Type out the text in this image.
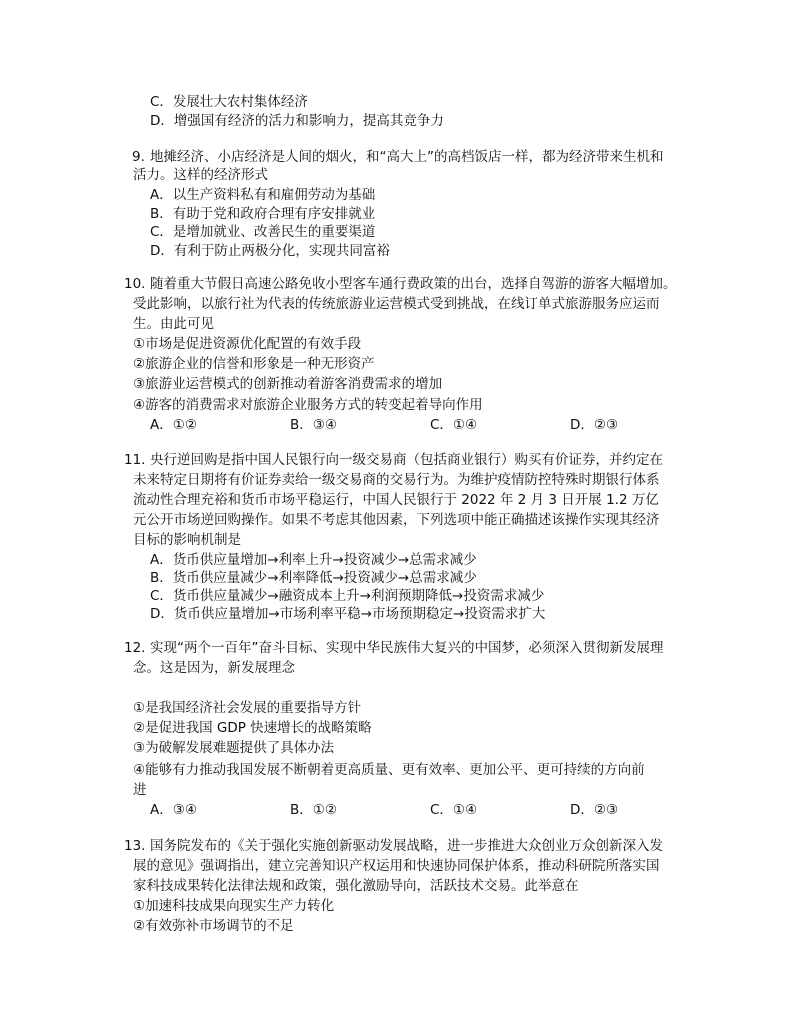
C．发展壮大农村集体经济
D．增强国有经济的活力和影响力，提高其竞争力
9. 地摊经济、小店经济是人间的烟火，和“高大上”的高档饭店一样，都为经济带来生机和
活力。这样的经济形式
A．以生产资料私有和雇佣劳动为基础
B．有助于党和政府合理有序安排就业
C．是增加就业、改善民生的重要渠道
D．有利于防止两极分化，实现共同富裕
10. 随着重大节假日高速公路免收小型客车通行费政策的出台，选择自驾游的游客大幅增加。
受此影响，以旅行社为代表的传统旅游业运营模式受到挑战，在线订单式旅游服务应运而
生。由此可见
①市场是促进资源优化配置的有效手段
②旅游企业的信誉和形象是一种无形资产
③旅游业运营模式的创新推动着游客消费需求的增加
④游客的消费需求对旅游企业服务方式的转变起着导向作用
A．①②	B．③④	C．①④	D．②③
11. 央行逆回购是指中国人民银行向一级交易商（包括商业银行）购买有价证券，并约定在
未来特定日期将有价证券卖给一级交易商的交易行为。为维护疫情防控特殊时期银行体系
流动性合理充裕和货币市场平稳运行，中国人民银行于 2022 年 2 月 3 日开展 1.2 万亿
元公开市场逆回购操作。如果不考虑其他因素，下列选项中能正确描述该操作实现其经济
目标的影响机制是
A．货币供应量增加→利率上升→投资减少→总需求减少
B．货币供应量减少→利率降低→投资减少→总需求减少
C．货币供应量减少→融资成本上升→利润预期降低→投资需求减少
D．货币供应量增加→市场利率平稳→市场预期稳定→投资需求扩大
12. 实现“两个一百年”奋斗目标、实现中华民族伟大复兴的中国梦，必须深入贯彻新发展理
念。这是因为，新发展理念
①是我国经济社会发展的重要指导方针
②是促进我国 GDP 快速增长的战略策略
③为破解发展难题提供了具体办法
④能够有力推动我国发展不断朝着更高质量、更有效率、更加公平、更可持续的方向前
进
A．③④	B．①②	C．①④	D．②③
13. 国务院发布的《关于强化实施创新驱动发展战略，进一步推进大众创业万众创新深入发
展的意见》强调指出，建立完善知识产权运用和快速协同保护体系，推动科研院所落实国
家科技成果转化法律法规和政策，强化激励导向，活跃技术交易。此举意在
①加速科技成果向现实生产力转化
②有效弥补市场调节的不足
